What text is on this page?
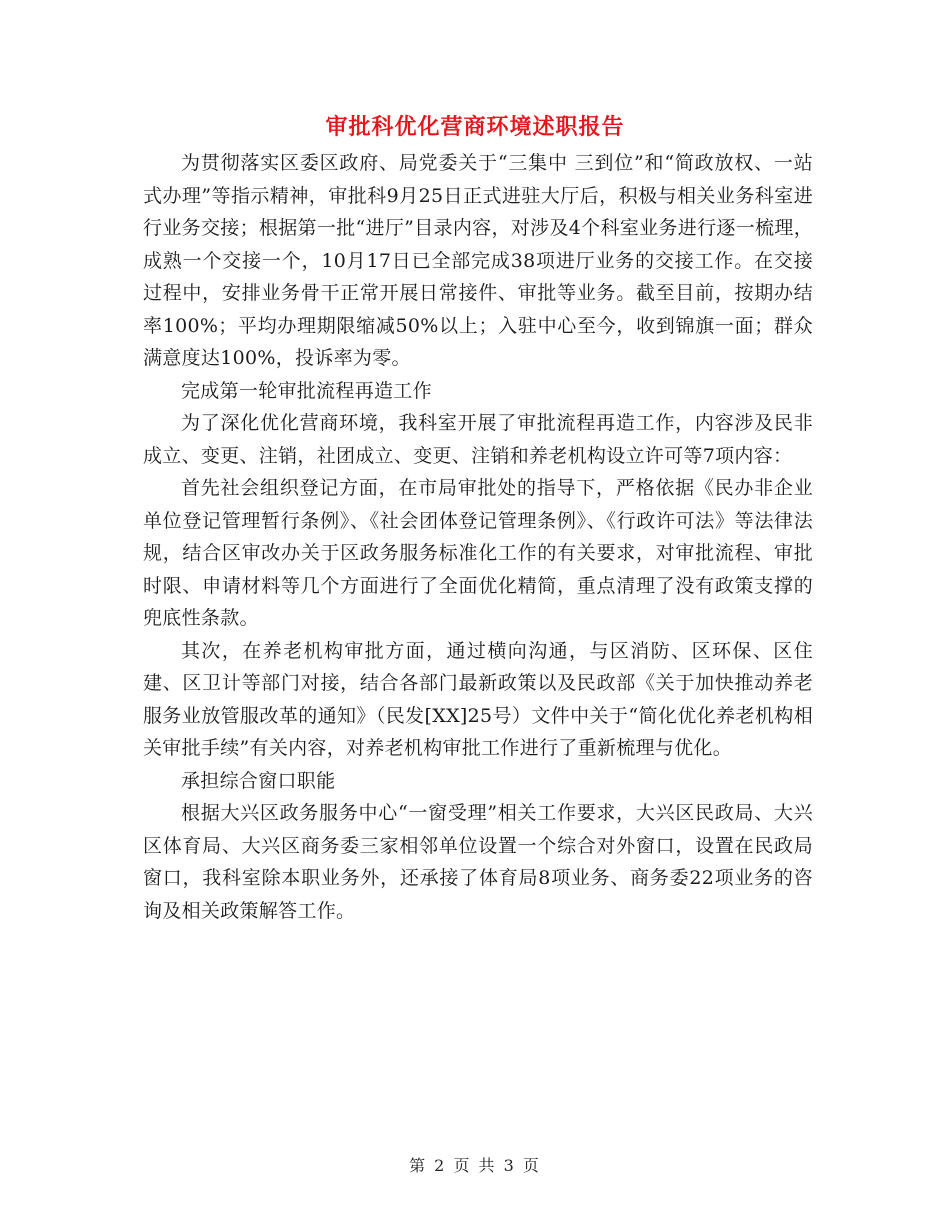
审批科优化营商环境述职报告

为贯彻落实区委区政府、局党委关于“三集中 三到位”和“简政放权、一站式办理”等指示精神，审批科9月25日正式进驻大厅后，积极与相关业务科室进行业务交接；根据第一批“进厅”目录内容，对涉及4个科室业务进行逐一梳理，成熟一个交接一个，10月17日已全部完成38项进厅业务的交接工作。在交接过程中，安排业务骨干正常开展日常接件、审批等业务。截至目前，按期办结率100%；平均办理期限缩减50%以上；入驻中心至今，收到锦旗一面；群众满意度达100%，投诉率为零。

完成第一轮审批流程再造工作

为了深化优化营商环境，我科室开展了审批流程再造工作，内容涉及民非成立、变更、注销，社团成立、变更、注销和养老机构设立许可等7项内容：

首先社会组织登记方面，在市局审批处的指导下，严格依据《民办非企业单位登记管理暂行条例》、《社会团体登记管理条例》、《行政许可法》等法律法规，结合区审改办关于区政务服务标准化工作的有关要求，对审批流程、审批时限、申请材料等几个方面进行了全面优化精简，重点清理了没有政策支撑的兜底性条款。

其次，在养老机构审批方面，通过横向沟通，与区消防、区环保、区住建、区卫计等部门对接，结合各部门最新政策以及民政部《关于加快推动养老服务业放管服改革的通知》（民发[XX]25号）文件中关于“简化优化养老机构相关审批手续”有关内容，对养老机构审批工作进行了重新梳理与优化。

承担综合窗口职能

根据大兴区政务服务中心“一窗受理”相关工作要求，大兴区民政局、大兴区体育局、大兴区商务委三家相邻单位设置一个综合对外窗口，设置在民政局窗口，我科室除本职业务外，还承接了体育局8项业务、商务委22项业务的咨询及相关政策解答工作。

第 2 页 共 3 页
